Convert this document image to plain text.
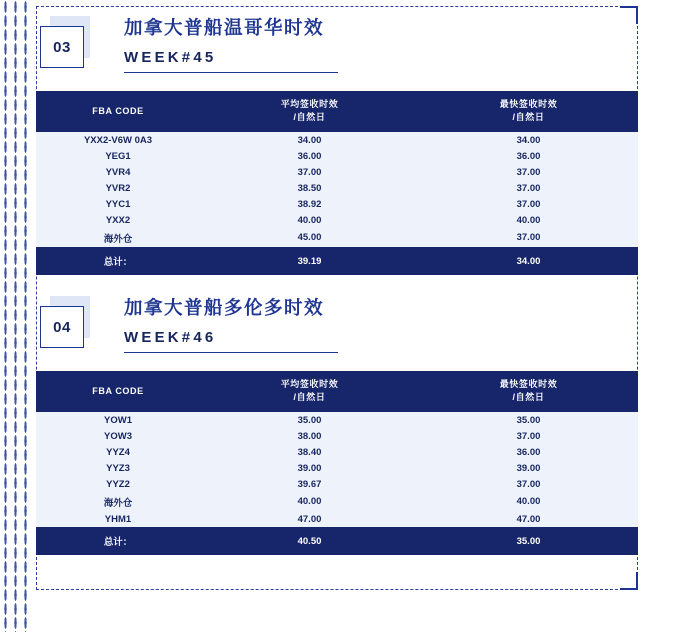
03
加拿大普船温哥华时效
WEEK#45
FBA CODE

平均签收时效
/自然日

最快签收时效
/自然日

YXX2-V6W 0A3	34.00	34.00
YEG1	36.00	36.00
YVR4	37.00	37.00
YVR2	38.50	37.00
YYC1	38.92	37.00
YXX2	40.00	40.00
海外仓	45.00	37.00
总计：	39.19	34.00
04
加拿大普船多伦多时效
WEEK#46
FBA CODE

平均签收时效
/自然日

最快签收时效
/自然日

YOW1	35.00	35.00
YOW3	38.00	37.00
YYZ4	38.40	36.00
YYZ3	39.00	39.00
YYZ2	39.67	37.00
海外仓	40.00	40.00
YHM1	47.00	47.00
总计：	40.50	35.00
